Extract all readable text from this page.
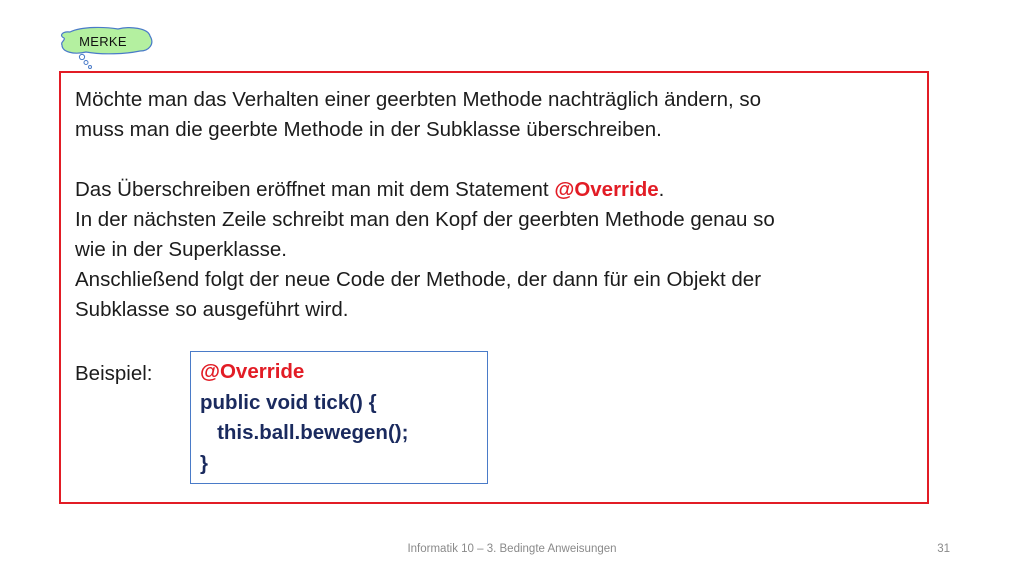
MERKE

Möchte man das Verhalten einer geerbten Methode nachträglich ändern, so
muss man die geerbte Methode in der Subklasse überschreiben.

Das Überschreiben eröffnet man mit dem Statement @Override.
In der nächsten Zeile schreibt man den Kopf der geerbten Methode genau so
wie in der Superklasse.
Anschließend folgt der neue Code der Methode, der dann für ein Objekt der
Subklasse so ausgeführt wird.

Beispiel: @Override
public void tick() {
this.ball.bewegen();
}
Informatik 10 – 3. Bedingte Anweisungen	31
